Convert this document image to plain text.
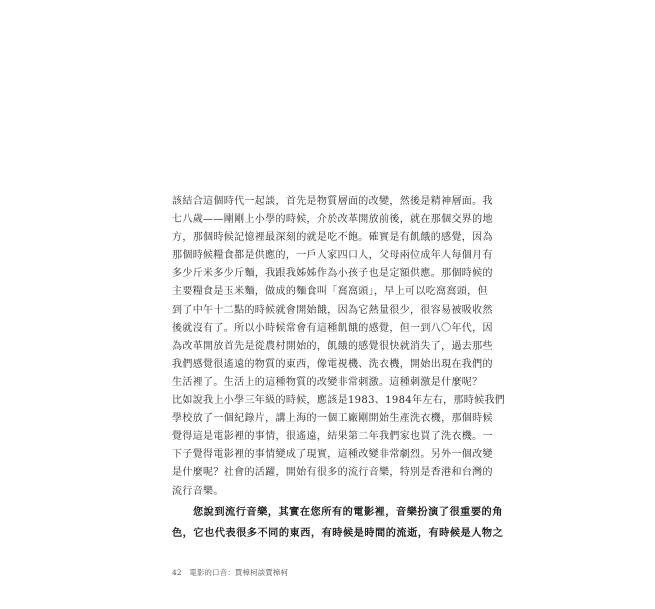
該結合這個時代一起談，首先是物質層面的改變，然後是精神層面。我
七八歲——剛剛上小學的時候，介於改革開放前後，就在那個交界的地
方，那個時候記憶裡最深刻的就是吃不飽。確實是有飢餓的感覺，因為
那個時候糧食都是供應的，一戶人家四口人，父母兩位成年人每個月有
多少斤米多少斤麵，我跟我姊姊作為小孩子也是定額供應。那個時候的
主要糧食是玉米麵，做成的麵食叫「窩窩頭」，早上可以吃窩窩頭，但
到了中午十二點的時候就會開始餓，因為它熱量很少，很容易被吸收然
後就沒有了。所以小時候常會有這種飢餓的感覺，但一到八〇年代，因
為改革開放首先是從農村開始的，飢餓的感覺很快就消失了，過去那些
我們感覺很遙遠的物質的東西，像電視機、洗衣機，開始出現在我們的
生活裡了。生活上的這種物質的改變非常刺激。這種刺激是什麼呢？
比如說我上小學三年級的時候，應該是1983、1984年左右，那時候我們
學校放了一個紀錄片，講上海的一個工廠剛開始生產洗衣機，那個時候
覺得這是電影裡的事情，很遙遠，結果第二年我們家也買了洗衣機。一
下子覺得電影裡的事情變成了現實，這種改變非常劇烈。另外一個改變
是什麼呢？社會的活躍，開始有很多的流行音樂，特別是香港和台灣的
流行音樂。
您說到流行音樂，其實在您所有的電影裡，音樂扮演了很重要的角
色，它也代表很多不同的東西，有時候是時間的流逝，有時候是人物之
42 電影的口音：賈樟柯談賈樟柯
